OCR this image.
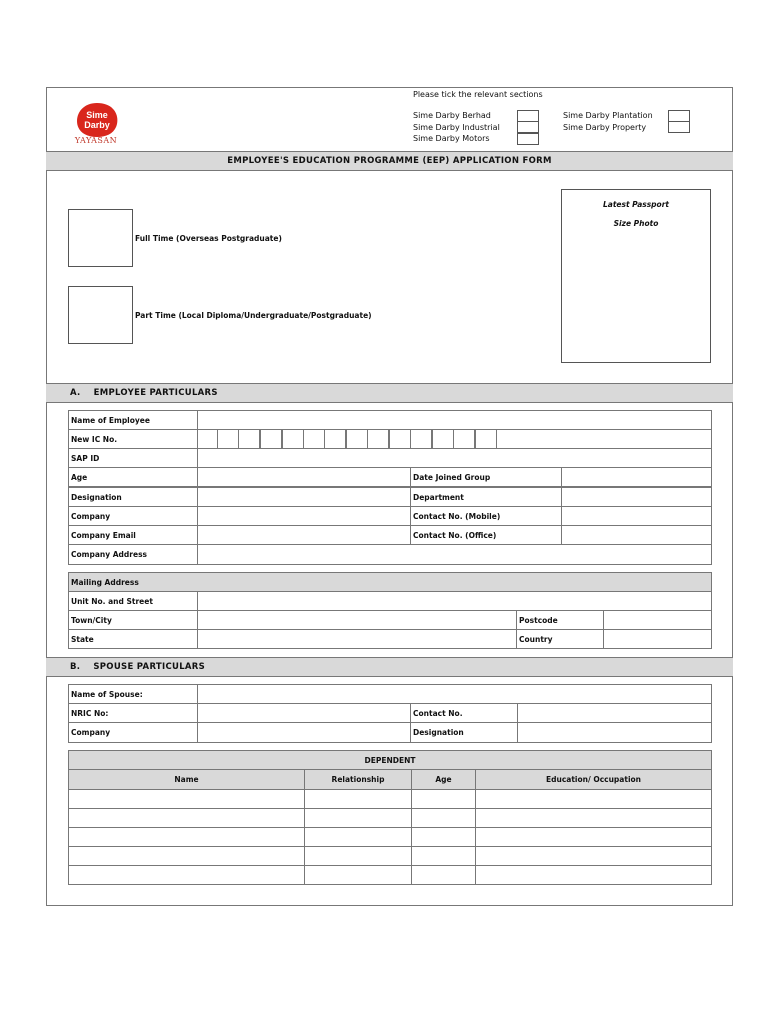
Sime
Darby
YAYASAN
Please tick the relevant sections
Sime Darby Berhad
Sime Darby Industrial
Sime Darby Motors
Sime Darby Plantation
Sime Darby Property
EMPLOYEE'S EDUCATION PROGRAMME (EEP) APPLICATION FORM
Full Time (Overseas Postgraduate)
Part Time (Local Diploma/Undergraduate/Postgraduate)
Latest Passport
Size Photo
A.    EMPLOYEE PARTICULARS
Name of Employee
New IC No.
SAP ID
Age	Date Joined Group
Designation	Department
Company	Contact No. (Mobile)
Company Email	Contact No. (Office)
Company Address
Mailing Address
Unit No. and Street
Town/City	Postcode
State	Country
B.    SPOUSE PARTICULARS
Name of Spouse:
NRIC No:	Contact No.
Company	Designation
DEPENDENT
Name	Relationship	Age	Education/ Occupation
